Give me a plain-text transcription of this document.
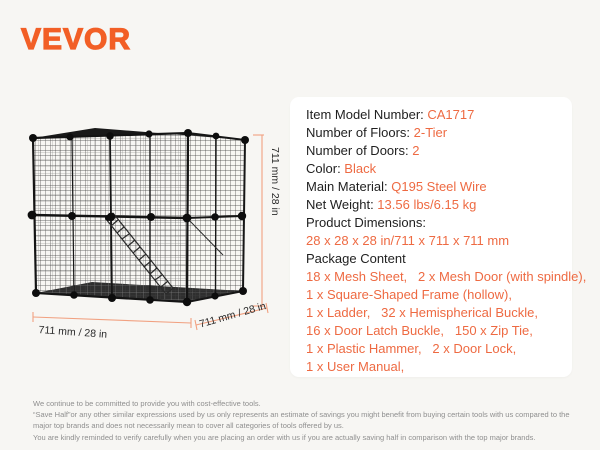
VEVOR
711 mm / 28 in
711 mm / 28 in
711 mm / 28 in
Item Model Number: CA1717
Number of Floors: 2-Tier
Number of Doors: 2
Color: Black
Main Material: Q195 Steel Wire
Net Weight: 13.56 lbs/6.15 kg
Product Dimensions:
28 x 28 x 28 in/711 x 711 x 711 mm
Package Content
18 x Mesh Sheet,   2 x Mesh Door (with spindle),
1 x Square-Shaped Frame (hollow),
1 x Ladder,   32 x Hemispherical Buckle,
16 x Door Latch Buckle,   150 x Zip Tie,
1 x Plastic Hammer,   2 x Door Lock,
1 x User Manual,
We continue to be committed to provide you with cost-effective tools.
“Save Half”or any other similar expressions used by us only represents an estimate of savings you might benefit from buying certain tools with us compared to the
major top brands and does not necessarily mean to cover all categories of tools offered by us.
You are kindly reminded to verify carefully when you are placing an order with us if you are actually saving half in comparison with the top major brands.
